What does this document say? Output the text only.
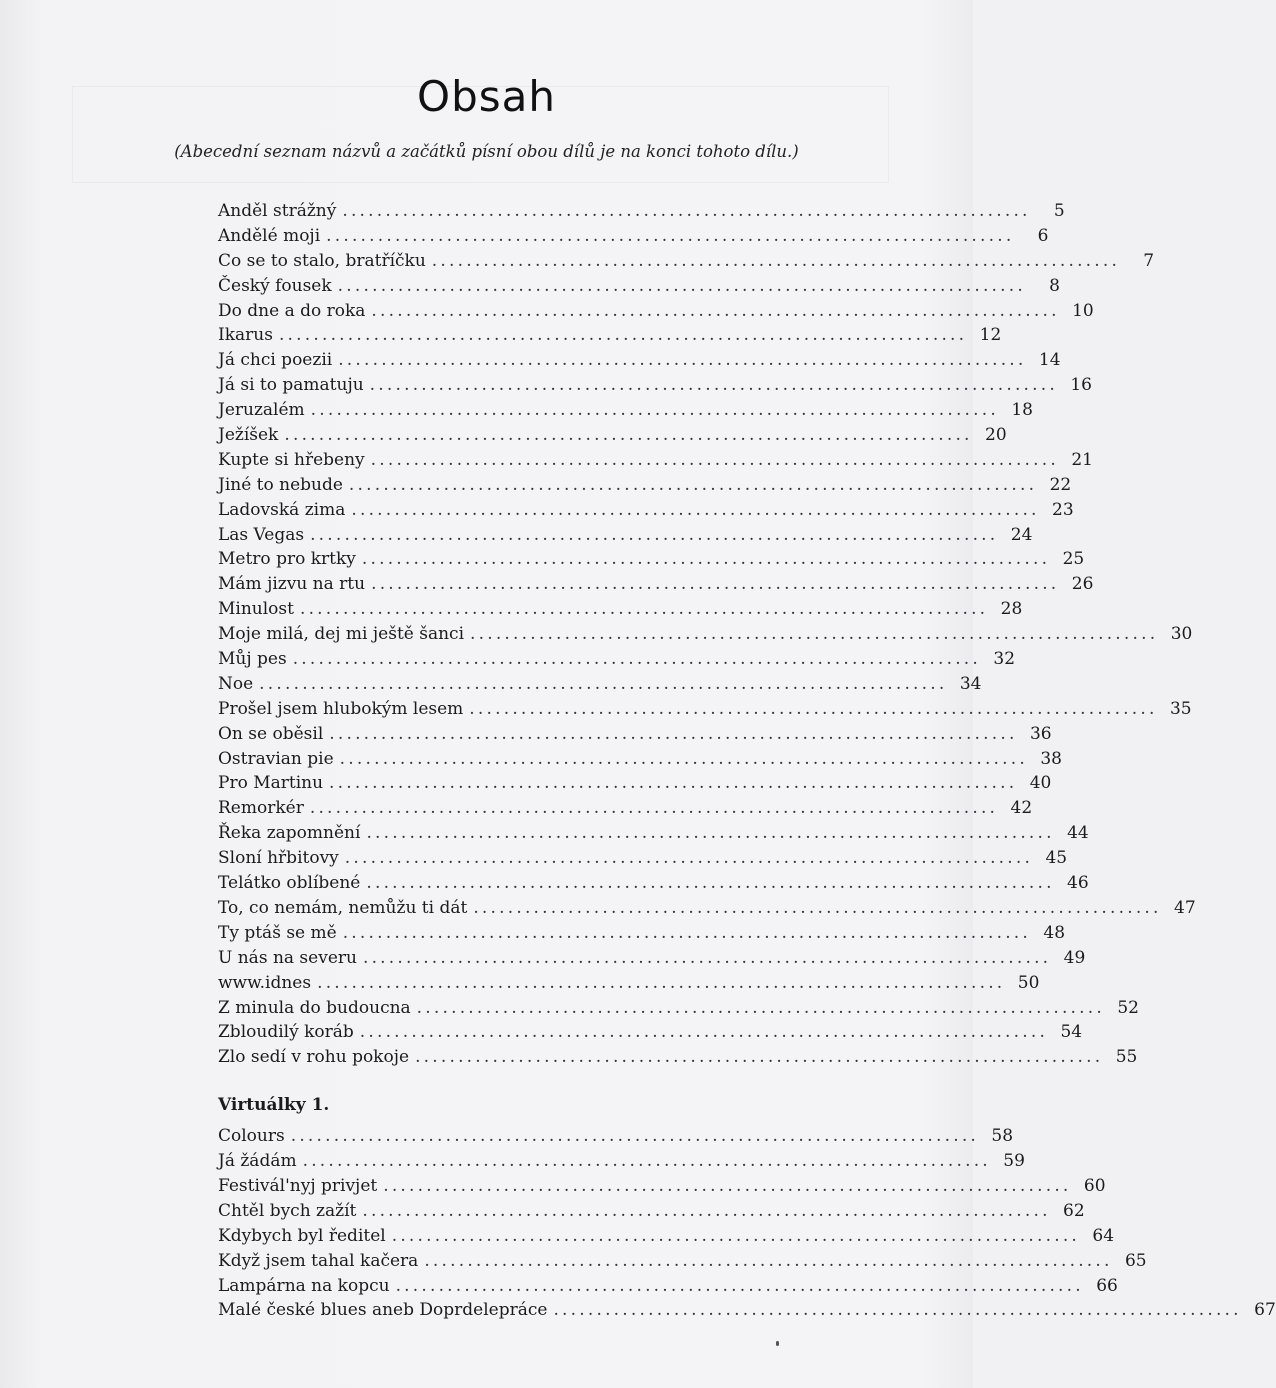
Obsah
(Abecední seznam názvů a začátků písní obou dílů je na konci tohoto dílu.)
Anděl strážný ................................................................................	5
Andělé moji ................................................................................	6
Co se to stalo, bratříčku ................................................................................	7
Český fousek ................................................................................	8
Do dne a do roka ................................................................................ 10
Ikarus ................................................................................ 12
Já chci poezii ................................................................................ 14
Já si to pamatuju ................................................................................ 16
Jeruzalém ................................................................................ 18
Ježíšek ................................................................................ 20
Kupte si hřebeny ................................................................................ 21
Jiné to nebude ................................................................................ 22
Ladovská zima ................................................................................ 23
Las Vegas ................................................................................ 24
Metro pro krtky ................................................................................ 25
Mám jizvu na rtu ................................................................................ 26
Minulost ................................................................................ 28
Moje milá, dej mi ještě šanci ................................................................................ 30
Můj pes ................................................................................ 32
Noe ................................................................................ 34
Prošel jsem hlubokým lesem ................................................................................ 35
On se oběsil ................................................................................ 36
Ostravian pie ................................................................................ 38
Pro Martinu ................................................................................ 40
Remorkér ................................................................................ 42
Řeka zapomnění ................................................................................ 44
Sloní hřbitovy ................................................................................ 45
Telátko oblíbené ................................................................................ 46
To, co nemám, nemůžu ti dát ................................................................................ 47
Ty ptáš se mě ................................................................................ 48
U nás na severu ................................................................................ 49
www.idnes ................................................................................ 50
Z minula do budoucna ................................................................................ 52
Zbloudilý koráb ................................................................................ 54
Zlo sedí v rohu pokoje ................................................................................ 55
Virtuálky 1.
Colours ................................................................................ 58
Já žádám ................................................................................ 59
Festivál'nyj privjet ................................................................................ 60
Chtěl bych zažít ................................................................................ 62
Kdybych byl ředitel ................................................................................ 64
Když jsem tahal kačera ................................................................................ 65
Lampárna na kopcu ................................................................................ 66
Malé české blues aneb Doprdelepráce ................................................................................ 67
